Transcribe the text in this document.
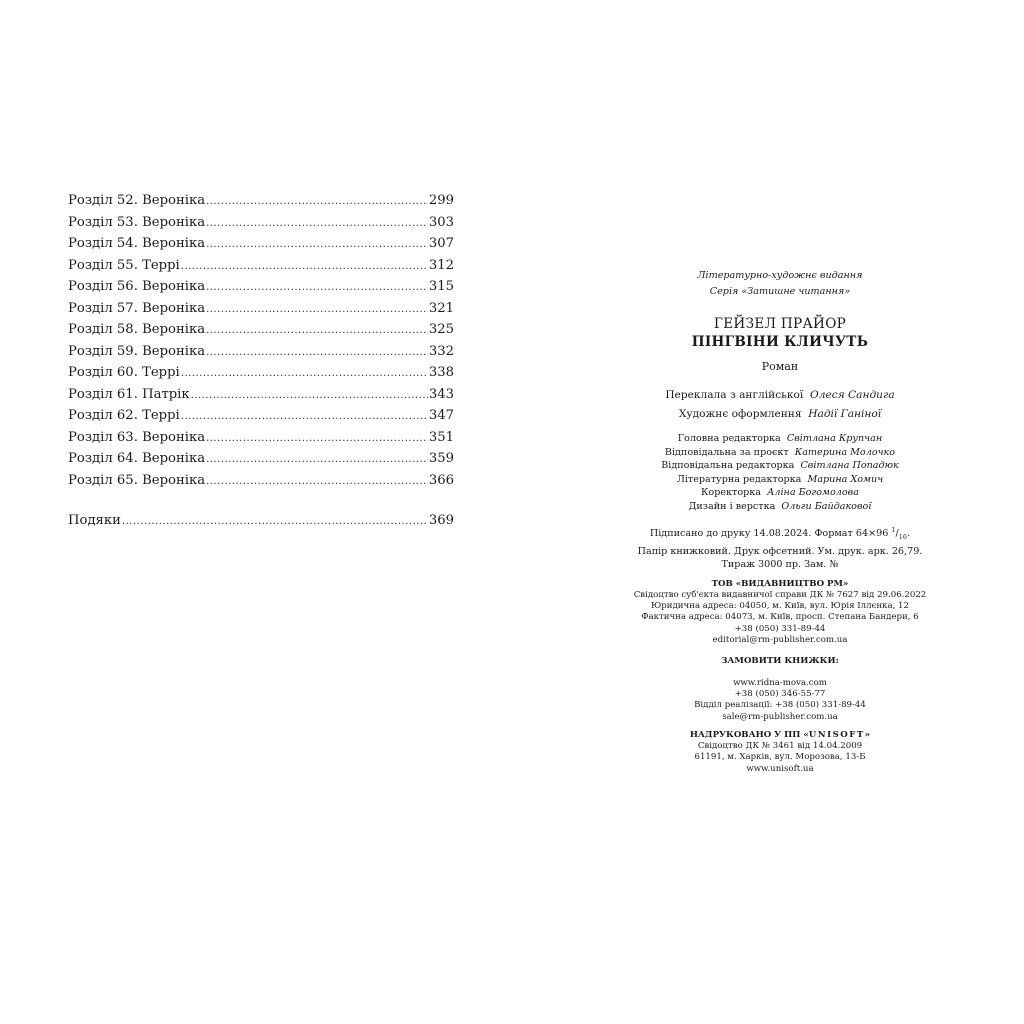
Розділ 52. Вероніка .....	299
Розділ 53. Вероніка .....	303
Розділ 54. Вероніка .....	307
Розділ 55. Террі .....	312
Розділ 56. Вероніка .....	315
Розділ 57. Вероніка .....	321
Розділ 58. Вероніка .....	325
Розділ 59. Вероніка .....	332
Розділ 60. Террі .....	338
Розділ 61. Патрік .....	343
Розділ 62. Террі .....	347
Розділ 63. Вероніка .....	351
Розділ 64. Вероніка .....	359
Розділ 65. Вероніка .....	366
Подяки .....	369
Літературно-художнє видання
Серія «Затишне читання»
ГЕЙЗЕЛ ПРАЙОР
ПІНГВІНИ КЛИЧУТЬ
Роман
Переклала з англійської Олеся Сандига
Художнє оформлення Надії Ганіної
Головна редакторка Світлана Крупчан
Відповідальна за проєкт Катерина Молочко
Відповідальна редакторка Світлана Попадюк
Літературна редакторка Марина Хомич
Коректорка Аліна Богомолова
Дизайн і верстка Ольги Байдакової
Підписано до друку 14.08.2024. Формат 64×96 $^1/_{16}$.
Папір книжковий. Друк офсетний. Ум. друк. арк. 26,79.
Тираж 3000 пр. Зам. №
ТОВ «ВИДАВНИЦТВО РМ»
Свідоцтво суб'єкта видавничої справи ДК № 7627 від 29.06.2022
Юридична адреса: 04050, м. Київ, вул. Юрія Іллєнка, 12
Фактична адреса: 04073, м. Київ, просп. Степана Бандери, 6
+38 (050) 331-89-44
editorial@rm-publisher.com.ua
ЗАМОВИТИ КНИЖКИ:
www.ridna-mova.com
+38 (050) 346-55-77
Відділ реалізації: +38 (050) 331-89-44
sale@rm-publisher.com.ua
НАДРУКОВАНО У ПП «UNISOFT»
Свідоцтво ДК № 3461 від 14.04.2009
61191, м. Харків, вул. Морозова, 13-Б
www.unisoft.ua
